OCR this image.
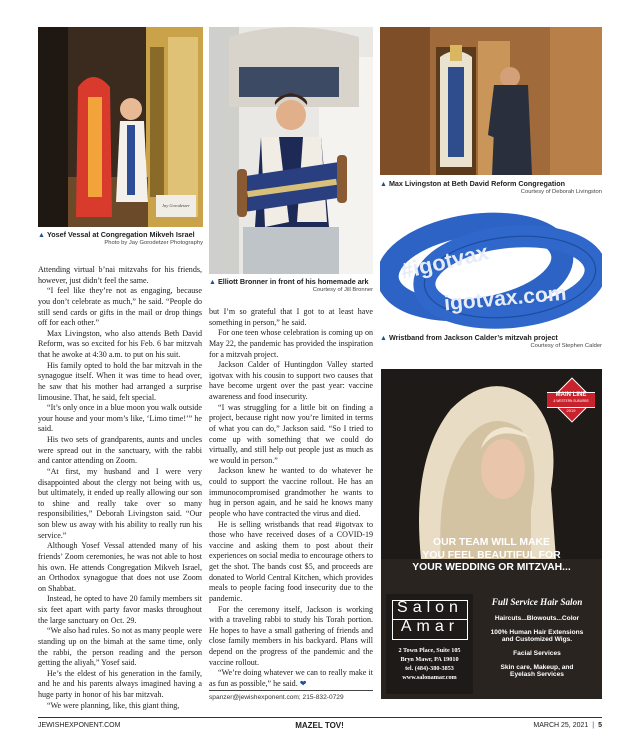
Jay Gorodetzer
▲ Yosef Vessal at Congregation Mikveh Israel
Photo by Jay Gorodetzer Photography
▲ Elliott Bronner in front of his homemade ark
Courtesy of Jill Bronner
▲ Max Livingston at Beth David Reform Congregation
Courtesy of Deborah Livingston
#igotvax
igotvax.com
▲ Wristband from Jackson Calder’s mitzvah project
Courtesy of Stephen Calder

Attending virtual b’nai mitzvahs for his friends, however, just didn’t feel the same.

“I feel like they’re not as engaging, because you don’t celebrate as much,” he said. “People do still send cards or gifts in the mail or drop things off for each other.”

Max Livingston, who also attends Beth David Reform, was so excited for his Feb. 6 bar mitzvah that he awoke at 4:30 a.m. to put on his suit.

His family opted to hold the bar mitzvah in the synagogue itself. When it was time to head over, he saw that his mother had arranged a surprise limousine. That, he said, felt special.

“It’s only once in a blue moon you walk outside your house and your mom’s like, ‘Limo time!’” he said.

His two sets of grandparents, aunts and uncles were spread out in the sanctuary, with the rabbi and cantor attending on Zoom.

“At first, my husband and I were very disappointed about the clergy not being with us, but ultimately, it ended up really allowing our son to shine and really take over so many responsibilities,” Deborah Livingston said. “Our son blew us away with his ability to really run his service.”

Although Yosef Vessal attended many of his friends’ Zoom ceremonies, he was not able to host his own. He attends Congregation Mikveh Israel, an Orthodox synagogue that does not use Zoom on Shabbat.

Instead, he opted to have 20 family members sit six feet apart with party favor masks throughout the large sanctuary on Oct. 29.

“We also had rules. So not as many people were standing up on the bimah at the same time, only the rabbi, the person reading and the person getting the aliyah,” Yosef said.

He’s the eldest of his generation in the family, and he and his parents always imagined having a huge party in honor of his bar mitzvah.

“We were planning, like, this giant thing,

but I’m so grateful that I got to at least have something in person,” he said.

For one teen whose celebration is coming up on May 22, the pandemic has provided the inspiration for a mitzvah project.

Jackson Calder of Huntingdon Valley started igotvax with his cousin to support two causes that have become urgent over the past year: vaccine awareness and food insecurity.

“I was struggling for a little bit on finding a project, because right now you’re limited in terms of what you can do,” Jackson said. “So I tried to come up with something that we could do virtually, and still help out people just as much as we would in person.”

Jackson knew he wanted to do whatever he could to support the vaccine rollout. He has an immunocompromised grandmother he wants to hug in person again, and he said he knows many people who have contracted the virus and died.

He is selling wristbands that read #igotvax to those who have received doses of a COVID-19 vaccine and asking them to post about their experiences on social media to encourage others to get the shot. The bands cost $5, and proceeds are donated to World Central Kitchen, which provides meals to people facing food insecurity due to the pandemic.

For the ceremony itself, Jackson is working with a traveling rabbi to study his Torah portion. He hopes to have a small gathering of friends and close family members in his backyard. Plans will depend on the progress of the pandemic and the vaccine rollout.

“We’re doing whatever we can to really make it as fun as possible,” he said. ❤

spanzer@jewishexponent.com; 215-832-0729
MAIN LINE
& WESTERN SUBURBS
2019
OUR TEAM WILL MAKE
YOU FEEL BEAUTIFUL FOR
YOUR WEDDING OR MITZVAH...
Salon
Amar
2 Town Place, Suite 105
Bryn Mawr, PA 19010
tel. (484)-380-3853
www.salonamar.com
Full Service Hair Salon
Haircuts...Blowouts...Color
100% Human Hair Extensions
and Customized Wigs.
Facial Services
Skin care, Makeup, and
Eyelash Services
JEWISHEXPONENT.COM	MAZEL TOV!	MARCH 25, 2021 | 5
